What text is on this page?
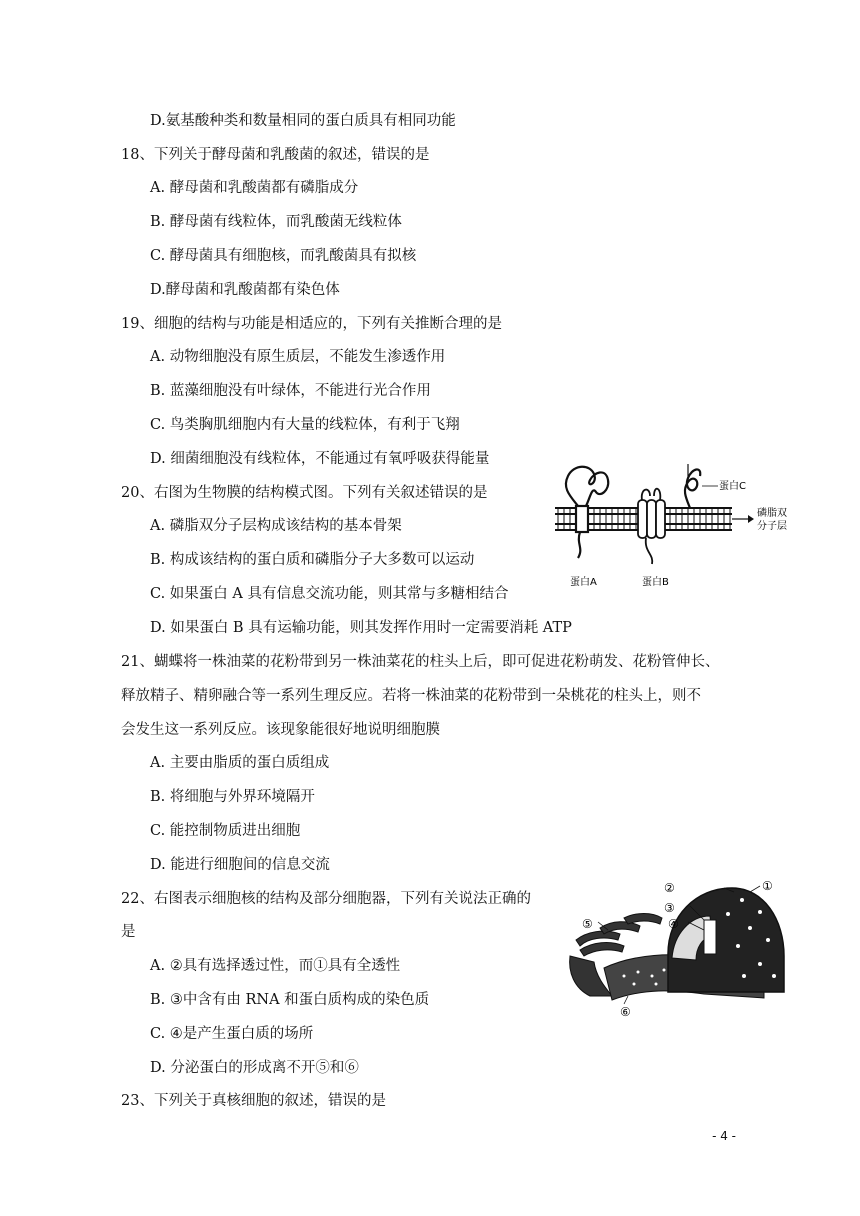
D.氨基酸种类和数量相同的蛋白质具有相同功能
18、下列关于酵母菌和乳酸菌的叙述，错误的是
A. 酵母菌和乳酸菌都有磷脂成分
B. 酵母菌有线粒体，而乳酸菌无线粒体
C. 酵母菌具有细胞核，而乳酸菌具有拟核
D.酵母菌和乳酸菌都有染色体
19、细胞的结构与功能是相适应的，下列有关推断合理的是
A. 动物细胞没有原生质层，不能发生渗透作用
B. 蓝藻细胞没有叶绿体，不能进行光合作用
C. 鸟类胸肌细胞内有大量的线粒体，有利于飞翔
D. 细菌细胞没有线粒体，不能通过有氧呼吸获得能量
20、右图为生物膜的结构模式图。下列有关叙述错误的是
A. 磷脂双分子层构成该结构的基本骨架
B. 构成该结构的蛋白质和磷脂分子大多数可以运动
C. 如果蛋白 A 具有信息交流功能，则其常与多糖相结合
D. 如果蛋白 B 具有运输功能，则其发挥作用时一定需要消耗 ATP
蛋白C
磷脂双
分子层
蛋白A	蛋白B
21、蝴蝶将一株油菜的花粉带到另一株油菜花的柱头上后，即可促进花粉萌发、花粉管伸长、
释放精子、精卵融合等一系列生理反应。若将一株油菜的花粉带到一朵桃花的柱头上，则不
会发生这一系列反应。该现象能很好地说明细胞膜
A. 主要由脂质的蛋白质组成
B. 将细胞与外界环境隔开
C. 能控制物质进出细胞
D. 能进行细胞间的信息交流
22、右图表示细胞核的结构及部分细胞器，下列有关说法正确的
是
A. ②具有选择透过性，而①具有全透性
B. ③中含有由 RNA 和蛋白质构成的染色质
C. ④是产生蛋白质的场所
D. 分泌蛋白的形成离不开⑤和⑥
②	①
③
④
⑤
⑥
23、下列关于真核细胞的叙述，错误的是
- 4 -
